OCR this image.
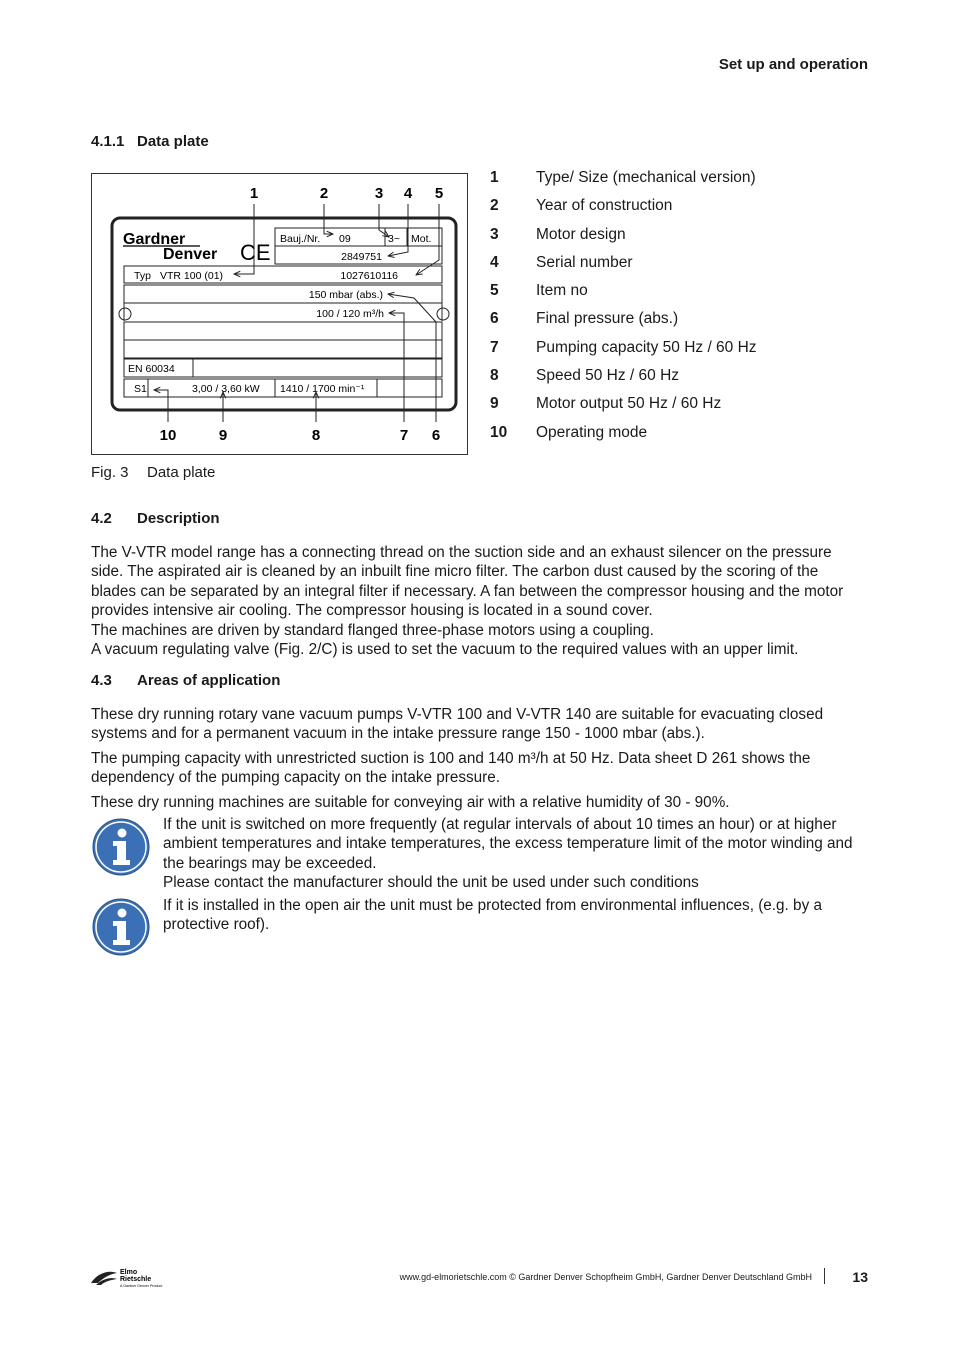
Set up and operation
4.1.1 Data plate
1	2	3 4 5
10	9	8	7 6
Gardner
Denver CE
Bauj./Nr. 09	3~ Mot.
2849751
Typ VTR 100 (01)	1027610116
150 mbar (abs.)
100 / 120 m³/h
EN 60034
S1	3,00 / 3,60 kW 1410 / 1700 min⁻¹
1	Type/ Size (mechanical version)
2	Year of construction
3	Motor design
4	Serial number
5	Item no
6	Final pressure (abs.)
7	Pumping capacity 50 Hz / 60 Hz
8	Speed 50 Hz / 60 Hz
9	Motor output 50 Hz / 60 Hz
10	Operating mode
Fig. 3 Data plate
4.2 Description

The V-VTR model range has a connecting thread on the suction side and an exhaust silencer on the pressure side. The aspirated air is cleaned by an inbuilt fine micro filter. The carbon dust caused by the scoring of the blades can be separated by an integral filter if necessary. A fan between the compressor housing and the motor provides intensive air cooling. The compressor housing is located in a sound cover.

The machines are driven by standard flanged three-phase motors using a coupling.

A vacuum regulating valve (Fig. 2/C) is used to set the vacuum to the required values with an upper limit.

4.3 Areas of application

These dry running rotary vane vacuum pumps V-VTR 100 and V-VTR 140 are suitable for evacuating closed systems and for a permanent vacuum in the intake pressure range 150 - 1000 mbar (abs.).

The pumping capacity with unrestricted suction is 100 and 140 m³/h at 50 Hz. Data sheet D 261 shows the dependency of the pumping capacity on the intake pressure.

These dry running machines are suitable for conveying air with a relative humidity of 30 - 90%.

If the unit is switched on more frequently (at regular intervals of about 10 times an hour) or at higher ambient temperatures and intake temperatures, the excess temperature limit of the motor winding and the bearings may be exceeded.

Please contact the manufacturer should the unit be used under such conditions

If it is installed in the open air the unit must be protected from environmental influences, (e.g. by a protective roof).

Elmo
Rietschle
A Gardner Denver Product
www.gd-elmorietschle.com © Gardner Denver Schopfheim GmbH, Gardner Denver Deutschland GmbH	13
